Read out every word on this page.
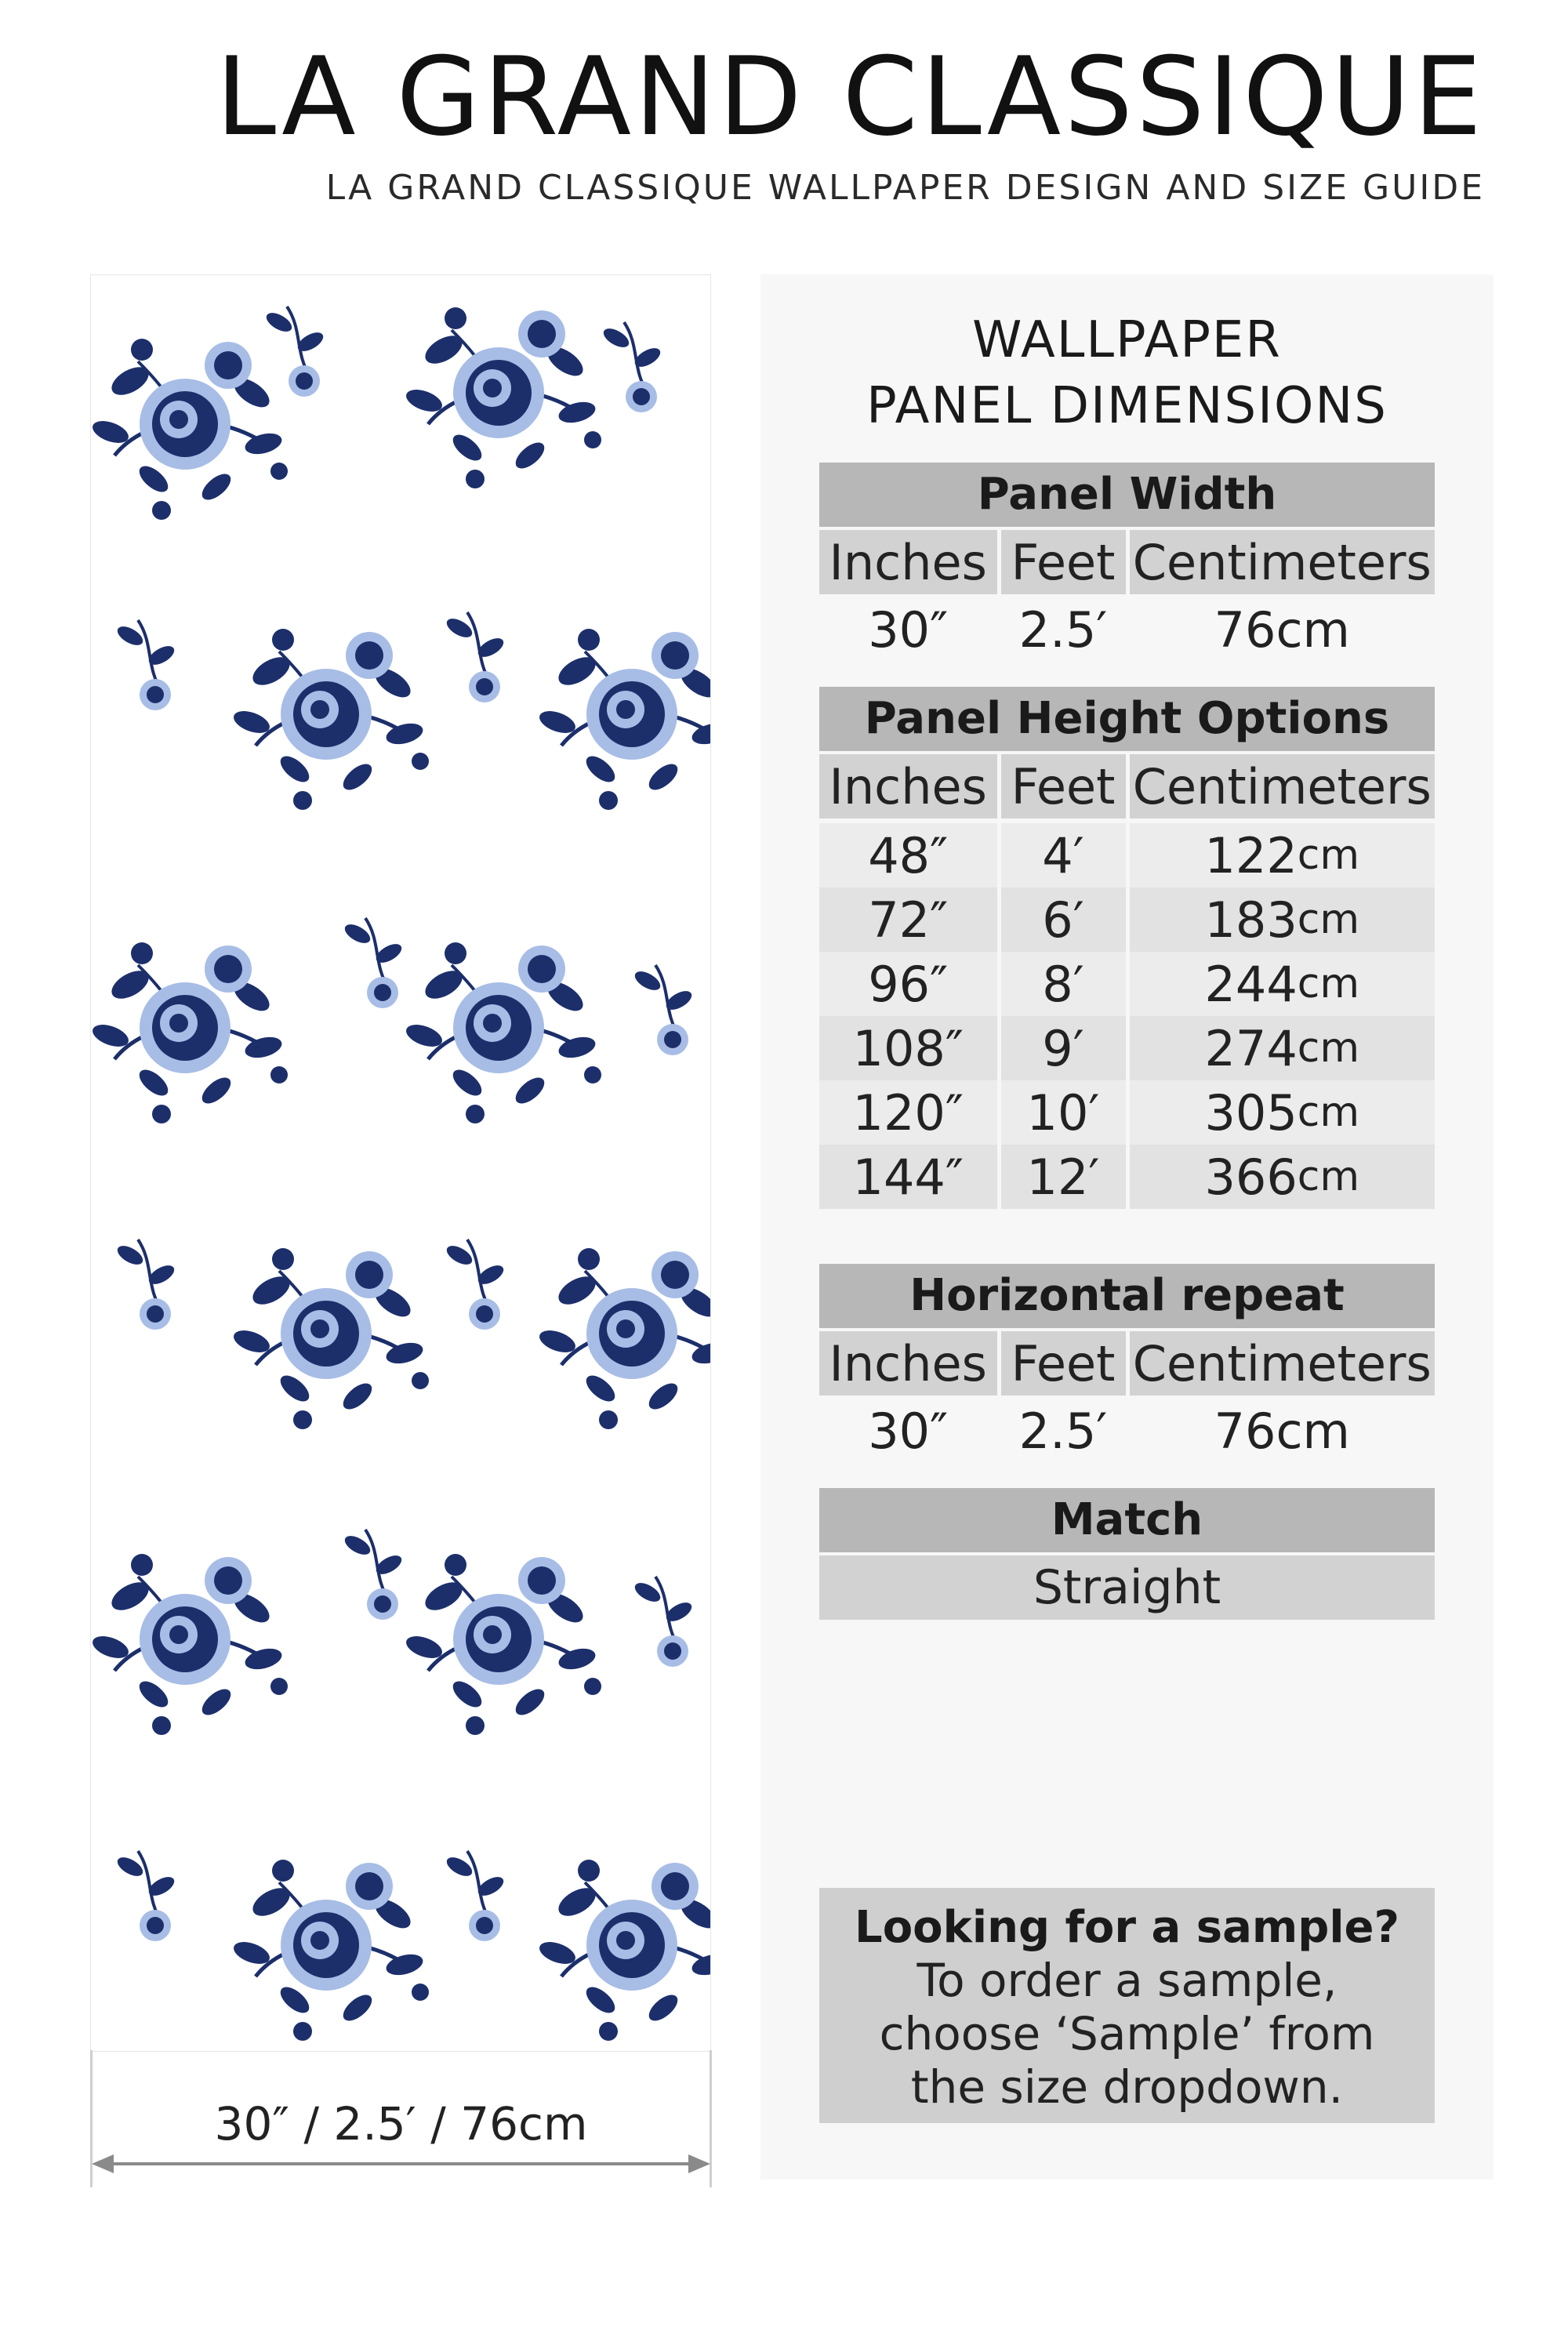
LA GRAND CLASSIQUE
LA GRAND CLASSIQUE WALLPAPER DESIGN AND SIZE GUIDE
30″ / 2.5′ / 76cm
WALLPAPER
PANEL DIMENSIONS
Panel Width
Inches Feet Centimeters
30″	2.5′	76cm
Panel Height Options
Inches Feet Centimeters
48″	4′	122 cm
72″	6′	183 cm
96″	8′	244 cm
108″	9′	274 cm
120″	10′	305 cm
144″	12′	366 cm
Horizontal repeat
Inches Feet Centimeters
30″	2.5′	76cm
Match
Straight
Looking for a sample?
To order a sample,
choose ‘Sample’ from
the size dropdown.
